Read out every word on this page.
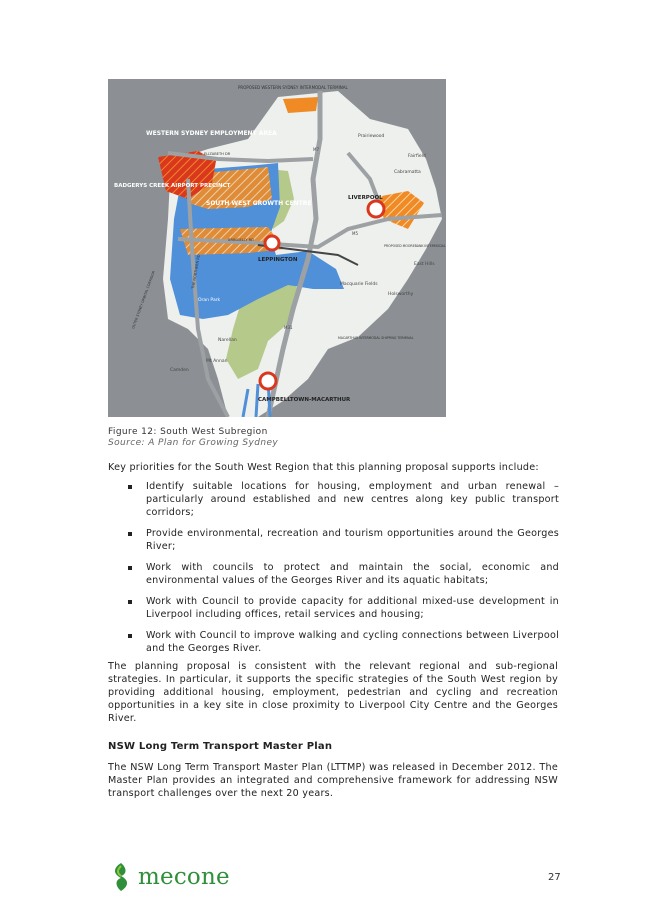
PROPOSED WESTERN SYDNEY INTERMODAL TERMINAL
WESTERN SYDNEY EMPLOYMENT AREA
BADGERYS CREEK AIRPORT PRECINCT
SOUTH WEST GROWTH CENTRE
LIVERPOOL
LEPPINGTON
CAMPBELLTOWN-MACARTHUR
Prairiewood
Fairfield
Cabramatta
East Hills
Holsworthy
Macquarie Fields
Oran Park
Narellan
Mt Annan
Camden
M7
M5
M31
ELIZABETH DR
BRINGELLY RD
THE NORTHERN RD
OUTER SYDNEY ORBITAL CORRIDOR
PROPOSED MOOREBANK INTERMODAL
MACARTHUR INTERMODAL SHIPPING TERMINAL
Figure 12: South West Subregion
Source: A Plan for Growing Sydney
Key priorities for the South West Region that this planning proposal supports include:
Identify suitable locations for housing, employment and urban renewal – particularly around established and new centres along key public transport corridors;
Provide environmental, recreation and tourism opportunities around the Georges River;
Work with councils to protect and maintain the social, economic and environmental values of the Georges River and its aquatic habitats;
Work with Council to provide capacity for additional mixed-use development in Liverpool including offices, retail services and housing;
Work with Council to improve walking and cycling connections between Liverpool and the Georges River.
The planning proposal is consistent with the relevant regional and sub-regional strategies. In particular, it supports the specific strategies of the South West region by providing additional housing, employment, pedestrian and cycling and recreation opportunities in a key site in close proximity to Liverpool City Centre and the Georges River.
NSW Long Term Transport Master Plan
The NSW Long Term Transport Master Plan (LTTMP) was released in December 2012. The Master Plan provides an integrated and comprehensive framework for addressing NSW transport challenges over the next 20 years.
mecone	27
